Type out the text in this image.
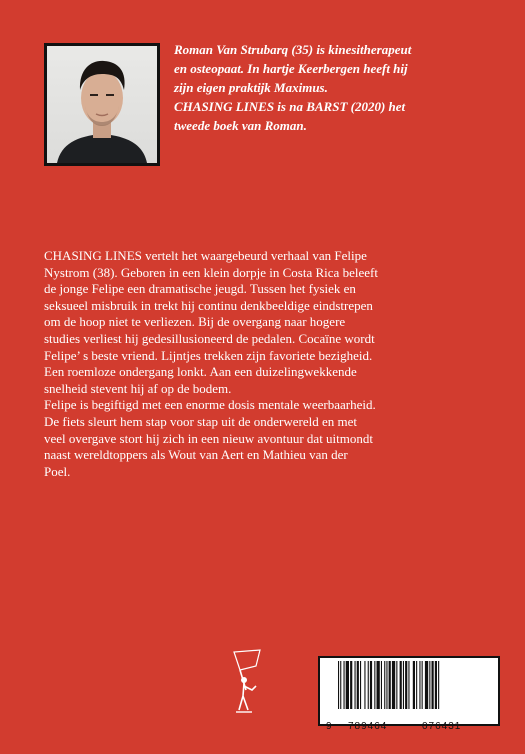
Roman Van Strubarq (35) is kinesitherapeut

en osteopaat. In hartje Keerbergen heeft hij

zijn eigen praktijk Maximus.

CHASING LINES is na BARST (2020) het

tweede boek van Roman.

CHASING LINES vertelt het waargebeurd verhaal van Felipe

Nystrom (38). Geboren in een klein dorpje in Costa Rica beleeft

de jonge Felipe een dramatische jeugd. Tussen het fysiek en

seksueel misbruik in trekt hij continu denkbeeldige eindstrepen

om de hoop niet te verliezen. Bij de overgang naar hogere

studies verliest hij gedesillusioneerd de pedalen. Cocaïne wordt

Felipe’ s beste vriend. Lijntjes trekken zijn favoriete bezigheid.

Een roemloze ondergang lonkt. Aan een duizelingwekkende

snelheid stevent hij af op de bodem.

Felipe is begiftigd met een enorme dosis mentale weerbaarheid.

De fiets sleurt hem stap voor stap uit de onderwereld en met

veel overgave stort hij zich in een nieuw avontuur dat uitmondt

naast wereldtoppers als Wout van Aert en Mathieu van der

Poel.

9 789464	076431
